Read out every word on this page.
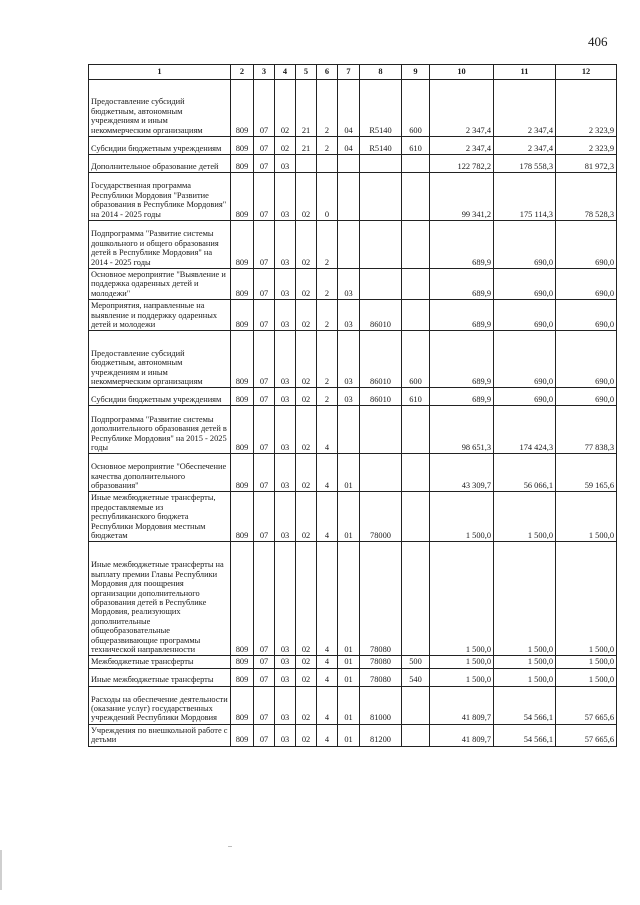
406
1	2	3	4	5	6	7	8	9	10	11	12
Предоставление субсидий бюджетным, автономным учреждениям и иным некоммерческим организациям	809	07	02	21	2	04	R5140	600	2 347,4	2 347,4	2 323,9
Субсидии бюджетным учреждениям	809	07	02	21	2	04	R5140	610	2 347,4	2 347,4	2 323,9
Дополнительное образование детей	809	07	03						122 782,2	178 558,3	81 972,3
Государственная программа Республики Мордовия "Развитие образования в Республике Мордовия" на 2014 - 2025 годы	809	07	03	02	0				99 341,2	175 114,3	78 528,3
Подпрограмма "Развитие системы дошкольного и общего образования детей в Республике Мордовия" на 2014 - 2025 годы	809	07	03	02	2				689,9	690,0	690,0
Основное мероприятие "Выявление и поддержка одаренных детей и молодежи"	809	07	03	02	2	03			689,9	690,0	690,0
Мероприятия, направленные на выявление и поддержку одаренных детей и молодежи	809	07	03	02	2	03	86010		689,9	690,0	690,0
Предоставление субсидий бюджетным, автономным учреждениям и иным некоммерческим организациям	809	07	03	02	2	03	86010	600	689,9	690,0	690,0
Субсидии бюджетным учреждениям	809	07	03	02	2	03	86010	610	689,9	690,0	690,0
Подпрограмма "Развитие системы дополнительного образования детей в Республике Мордовия" на 2015 - 2025 годы	809	07	03	02	4				98 651,3	174 424,3	77 838,3
Основное мероприятие "Обеспечение качества дополнительного образования"	809	07	03	02	4	01			43 309,7	56 066,1	59 165,6
Иные межбюджетные трансферты, предоставляемые из республиканского бюджета Республики Мордовия местным бюджетам	809	07	03	02	4	01	78000		1 500,0	1 500,0	1 500,0
Иные межбюджетные трансферты на выплату премии Главы Республики Мордовия для поощрения организации дополнительного образования детей в Республике Мордовия, реализующих дополнительные общеобразовательные общеразвивающие программы технической направленности	809	07	03	02	4	01	78080		1 500,0	1 500,0	1 500,0
Межбюджетные трансферты	809	07	03	02	4	01	78080	500	1 500,0	1 500,0	1 500,0
Иные межбюджетные трансферты	809	07	03	02	4	01	78080	540	1 500,0	1 500,0	1 500,0
Расходы на обеспечение деятельности (оказание услуг) государственных учреждений Республики Мордовия	809	07	03	02	4	01	81000		41 809,7	54 566,1	57 665,6
Учреждения по внешкольной работе с детьми	809	07	03	02	4	01	81200		41 809,7	54 566,1	57 665,6
